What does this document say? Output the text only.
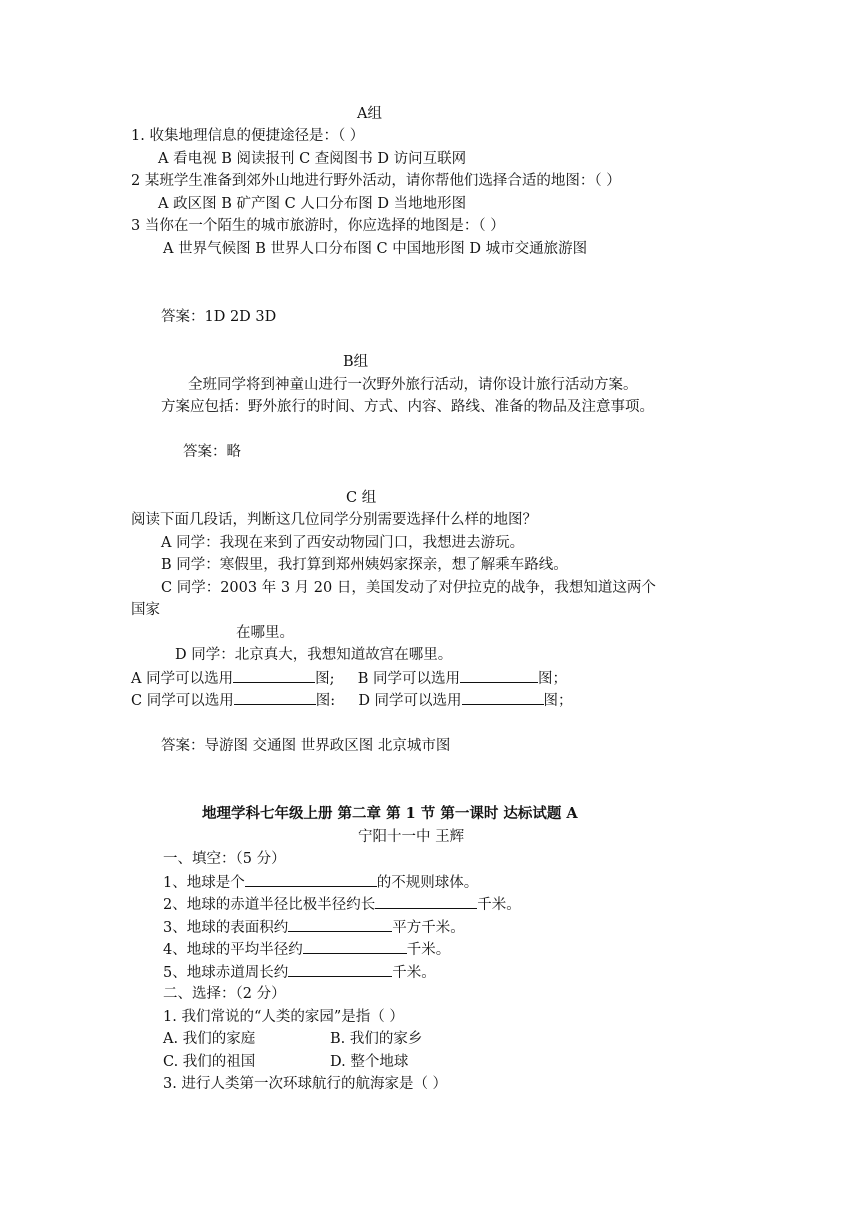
A组
1. 收集地理信息的便捷途径是：（ ）
A 看电视 B 阅读报刊 C 查阅图书 D 访问互联网
2 某班学生准备到郊外山地进行野外活动，请你帮他们选择合适的地图：（ ）
A 政区图 B 矿产图 C 人口分布图 D 当地地形图
3 当你在一个陌生的城市旅游时，你应选择的地图是：（ ）
A 世界气候图 B 世界人口分布图 C 中国地形图 D 城市交通旅游图
答案：1D 2D 3D
B组
全班同学将到神童山进行一次野外旅行活动，请你设计旅行活动方案。
方案应包括：野外旅行的时间、方式、内容、路线、准备的物品及注意事项。
答案：略
C 组
阅读下面几段话，判断这几位同学分别需要选择什么样的地图？
A 同学：我现在来到了西安动物园门口，我想进去游玩。
B 同学：寒假里，我打算到郑州姨妈家探亲，想了解乘车路线。
C 同学：2003 年 3 月 20 日，美国发动了对伊拉克的战争，我想知道这两个
国家
在哪里。
D 同学：北京真大，我想知道故宫在哪里。
A 同学可以选用	图; B 同学可以选用	图；
C 同学可以选用	图: D 同学可以选用	图；
答案：导游图 交通图 世界政区图 北京城市图
地理学科七年级上册 第二章 第 1 节 第一课时 达标试题 A
宁阳十一中 王辉
一、填空：（5 分）
1、地球是个	的不规则球体。
2、地球的赤道半径比极半径约长	千米。
3、地球的表面积约	平方千米。
4、地球的平均半径约	千米。
5、地球赤道周长约	千米。
二、选择：（2 分）
1. 我们常说的“人类的家园”是指（ ）
A. 我们的家庭	B. 我们的家乡
C. 我们的祖国	D. 整个地球
3. 进行人类第一次环球航行的航海家是（ ）
